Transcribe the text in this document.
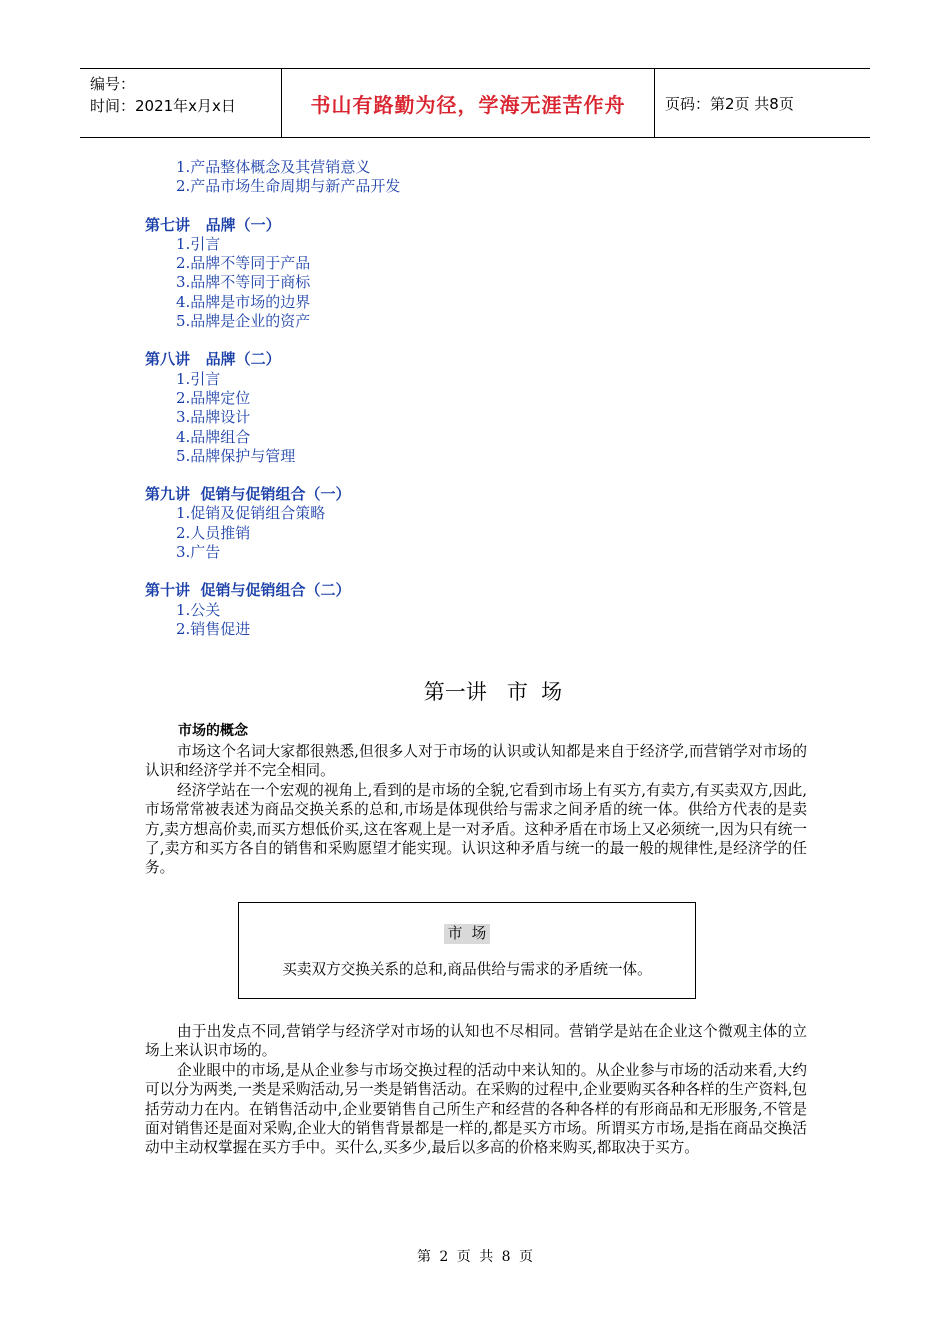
编号：
时间：2021年x月x日	书山有路勤为径，学海无涯苦作舟	页码：第2页 共8页
1.产品整体概念及其营销意义
2.产品市场生命周期与新产品开发
第七讲   品牌（一）
1.引言
2.品牌不等同于产品
3.品牌不等同于商标
4.品牌是市场的边界
5.品牌是企业的资产
第八讲   品牌（二）
1.引言
2.品牌定位
3.品牌设计
4.品牌组合
5.品牌保护与管理
第九讲  促销与促销组合（一）
1.促销及促销组合策略
2.人员推销
3.广告
第十讲  促销与促销组合（二）
1.公关
2.销售促进
第一讲   市  场
市场的概念
市场这个名词大家都很熟悉,但很多人对于市场的认识或认知都是来自于经济学,而营销学对市场的认识和经济学并不完全相同。
经济学站在一个宏观的视角上,看到的是市场的全貌,它看到市场上有买方,有卖方,有买卖双方,因此,市场常常被表述为商品交换关系的总和,市场是体现供给与需求之间矛盾的统一体。供给方代表的是卖方,卖方想高价卖,而买方想低价买,这在客观上是一对矛盾。这种矛盾在市场上又必须统一,因为只有统一了,卖方和买方各自的销售和采购愿望才能实现。认识这种矛盾与统一的最一般的规律性,是经济学的任务。
市  场
买卖双方交换关系的总和,商品供给与需求的矛盾统一体。
由于出发点不同,营销学与经济学对市场的认知也不尽相同。营销学是站在企业这个微观主体的立场上来认识市场的。
企业眼中的市场,是从企业参与市场交换过程的活动中来认知的。从企业参与市场的活动来看,大约可以分为两类,一类是采购活动,另一类是销售活动。在采购的过程中,企业要购买各种各样的生产资料,包括劳动力在内。在销售活动中,企业要销售自己所生产和经营的各种各样的有形商品和无形服务,不管是面对销售还是面对采购,企业大的销售背景都是一样的,都是买方市场。所谓买方市场,是指在商品交换活动中主动权掌握在买方手中。买什么,买多少,最后以多高的价格来购买,都取决于买方。
第 2 页 共 8 页
